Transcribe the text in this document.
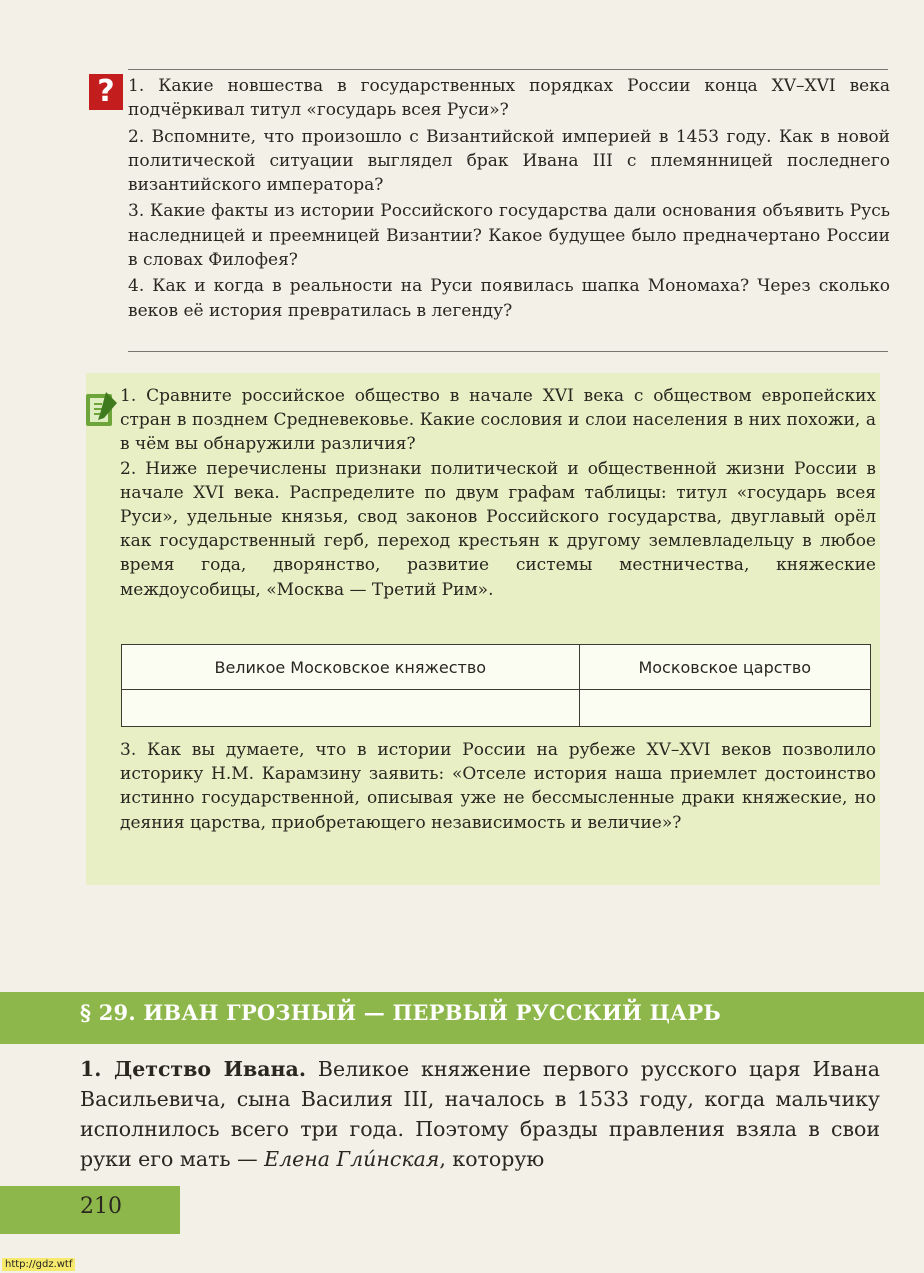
? 1. Какие новшества в государственных порядках России конца XV–XVI века подчёркивал титул «государь всея Руси»?

2. Вспомните, что произошло с Византийской империей в 1453 году. Как в новой политической ситуации выглядел брак Ивана III с племянницей последнего византийского императора?

3. Какие факты из истории Российского государства дали основания объявить Русь наследницей и преемницей Византии? Какое будущее было предначертано России в словах Филофея?

4. Как и когда в реальности на Руси появилась шапка Мономаха? Через сколько веков её история превратилась в легенду?

1. Сравните российское общество в начале XVI века с обществом европейских стран в позднем Средневековье. Какие сословия и слои населения в них похожи, а в чём вы обнаружили различия?

2. Ниже перечислены признаки политической и общественной жизни России в начале XVI века. Распределите по двум графам таблицы: титул «государь всея Руси», удельные князья, свод законов Российского государства, двуглавый орёл как государственный герб, переход крестьян к другому землевладельцу в любое время года, дворянство, развитие системы местничества, княжеские междоусобицы, «Москва — Третий Рим».

Великое Московское княжество	Московское царство

3. Как вы думаете, что в истории России на рубеже XV–XVI веков позволило историку Н.М. Карамзину заявить: «Отселе история наша приемлет достоинство истинно государственной, описывая уже не бессмысленные драки княжеские, но деяния царства, приобретающего независимость и величие»?

§ 29. ИВАН ГРОЗНЫЙ — ПЕРВЫЙ РУССКИЙ ЦАРЬ
1. Детство Ивана. Великое княжение первого русского царя Ивана Васильевича, сына Василия III, началось в 1533 году, когда мальчику исполнилось всего три года. Поэтому бразды правления взяла в свои руки его мать — Елена Гли́нская, которую
210
http://gdz.wtf
